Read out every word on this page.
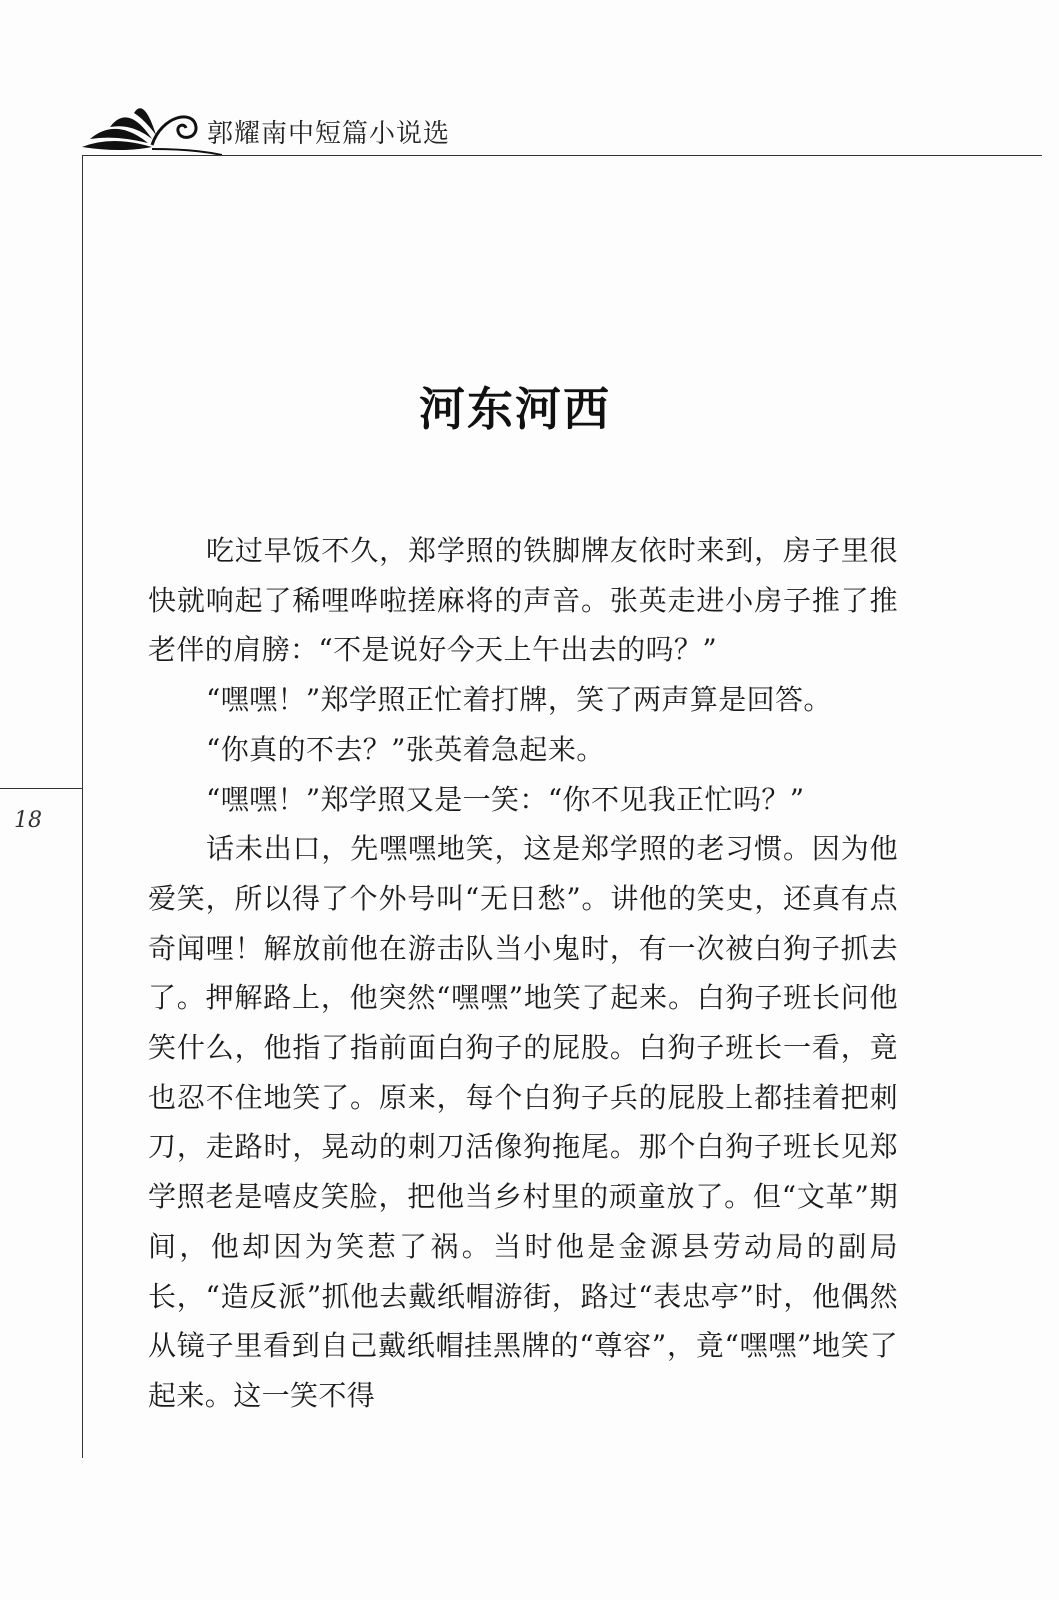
郭耀南中短篇小说选
18
河东河西

吃过早饭不久，郑学照的铁脚牌友依时来到，房子里很快就响起了稀哩哗啦搓麻将的声音。张英走进小房子推了推老伴的肩膀：“不是说好今天上午出去的吗？”

“嘿嘿！”郑学照正忙着打牌，笑了两声算是回答。

“你真的不去？”张英着急起来。

“嘿嘿！”郑学照又是一笑：“你不见我正忙吗？”

话未出口，先嘿嘿地笑，这是郑学照的老习惯。因为他爱笑，所以得了个外号叫“无日愁”。讲他的笑史，还真有点奇闻哩！解放前他在游击队当小鬼时，有一次被白狗子抓去了。押解路上，他突然“嘿嘿”地笑了起来。白狗子班长问他笑什么，他指了指前面白狗子的屁股。白狗子班长一看，竟也忍不住地笑了。原来，每个白狗子兵的屁股上都挂着把刺刀，走路时，晃动的刺刀活像狗拖尾。那个白狗子班长见郑学照老是嘻皮笑脸，把他当乡村里的顽童放了。但“文革”期间，他却因为笑惹了祸。当时他是金源县劳动局的副局长，“造反派”抓他去戴纸帽游街，路过“表忠亭”时，他偶然从镜子里看到自己戴纸帽挂黑牌的“尊容”，竟“嘿嘿”地笑了起来。这一笑不得
